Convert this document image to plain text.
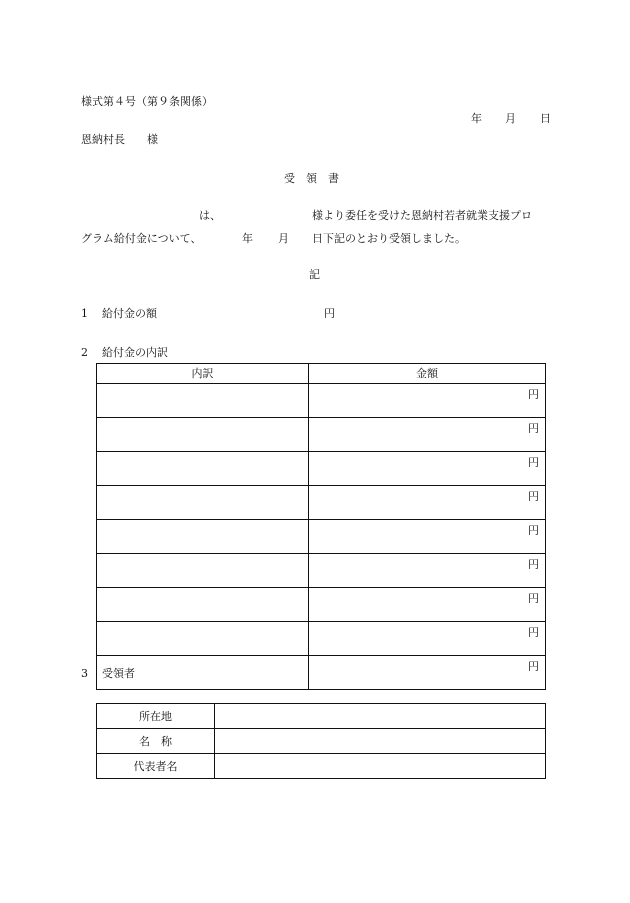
様式第４号（第９条関係）
年 月 日
恩納村長　　様
受　領　書
は、	様より委任を受けた恩納村若者就業支援プロ
グラム給付金について、	年 月 日下記のとおり受領しました。
記
1 給付金の額	円
2 給付金の内訳
内訳	金額
	円
	円
	円
	円
	円
	円
	円
	円
	円
3 受領者
所在地	
名　称	
代表者名	
